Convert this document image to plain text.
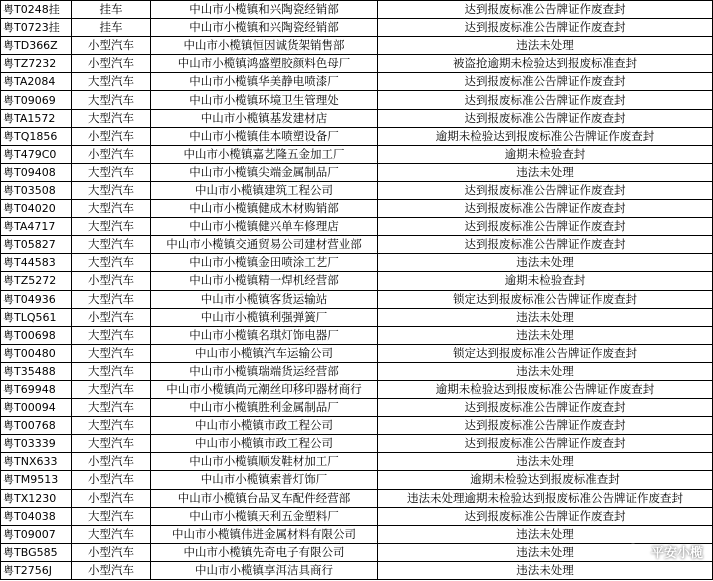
粤T0248挂	挂车	中山市小榄镇和兴陶瓷经销部	达到报废标准公告牌证作废查封
粤T0723挂	挂车	中山市小榄镇和兴陶瓷经销部	达到报废标准公告牌证作废查封
粤TD366Z	小型汽车	中山市小榄镇恒因诚货架销售部	违法未处理
粤TZ7232	小型汽车	中山市小榄镇鸿盛塑胶颜料色母厂	被盗抢逾期未检验达到报废标准查封
粤TA2084	大型汽车	中山市小榄镇华美静电喷漆厂	达到报废标准公告牌证作废查封
粤T09069	大型汽车	中山市小榄镇环境卫生管理处	达到报废标准公告牌证作废查封
粤TA1572	大型汽车	中山市小榄镇基发建材店	达到报废标准公告牌证作废查封
粤TQ1856	小型汽车	中山市小榄镇佳本喷塑设备厂	逾期未检验达到报废标准公告牌证作废查封
粤T479C0	小型汽车	中山市小榄镇嘉艺隆五金加工厂	逾期未检验查封
粤T09408	大型汽车	中山市小榄镇尖端金属制品厂	违法未处理
粤T03508	大型汽车	中山市小榄镇建筑工程公司	达到报废标准公告牌证作废查封
粤T04020	大型汽车	中山市小榄镇健成木材购销部	达到报废标准公告牌证作废查封
粤TA4717	大型汽车	中山市小榄镇健兴单车修理店	达到报废标准公告牌证作废查封
粤T05827	大型汽车	中山市小榄镇交通贸易公司建材营业部	达到报废标准公告牌证作废查封
粤T44583	大型汽车	中山市小榄镇金田喷涂工艺厂	违法未处理
粤TZ5272	小型汽车	中山市小榄镇精一焊机经营部	逾期未检验查封
粤T04936	大型汽车	中山市小榄镇客货运输站	锁定达到报废标准公告牌证作废查封
粤TLQ561	小型汽车	中山市小榄镇利强弹簧厂	违法未处理
粤T00698	大型汽车	中山市小榄镇名琪灯饰电器厂	违法未处理
粤T00480	大型汽车	中山市小榄镇汽车运输公司	锁定达到报废标准公告牌证作废查封
粤T35488	大型汽车	中山市小榄镇瑞端货运经营部	违法未处理
粤T69948	大型汽车	中山市小榄镇尚元潮丝印移印器材商行	逾期未检验达到报废标准公告牌证作废查封
粤T00094	大型汽车	中山市小榄镇胜利金属制品厂	达到报废标准公告牌证作废查封
粤T00768	大型汽车	中山市小榄镇市政工程公司	达到报废标准公告牌证作废查封
粤T03339	大型汽车	中山市小榄镇市政工程公司	达到报废标准公告牌证作废查封
粤TNX633	小型汽车	中山市小榄镇顺发鞋材加工厂	违法未处理
粤TM9513	小型汽车	中山市小榄镇索普灯饰厂	逾期未检验达到报废标准查封
粤TX1230	小型汽车	中山市小榄镇台品叉车配件经营部	违法未处理逾期未检验达到报废标准公告牌证作废查封
粤T04038	大型汽车	中山市小榄镇天利五金塑料厂	达到报废标准公告牌证作废查封
粤T09007	大型汽车	中山市小榄镇伟进金属材料有限公司	违法未处理
粤TBG585	小型汽车	中山市小榄镇先奇电子有限公司	违法未处理
粤T2756J	小型汽车	中山市小榄镇享洱洁具商行	违法未处理
平安小榄
